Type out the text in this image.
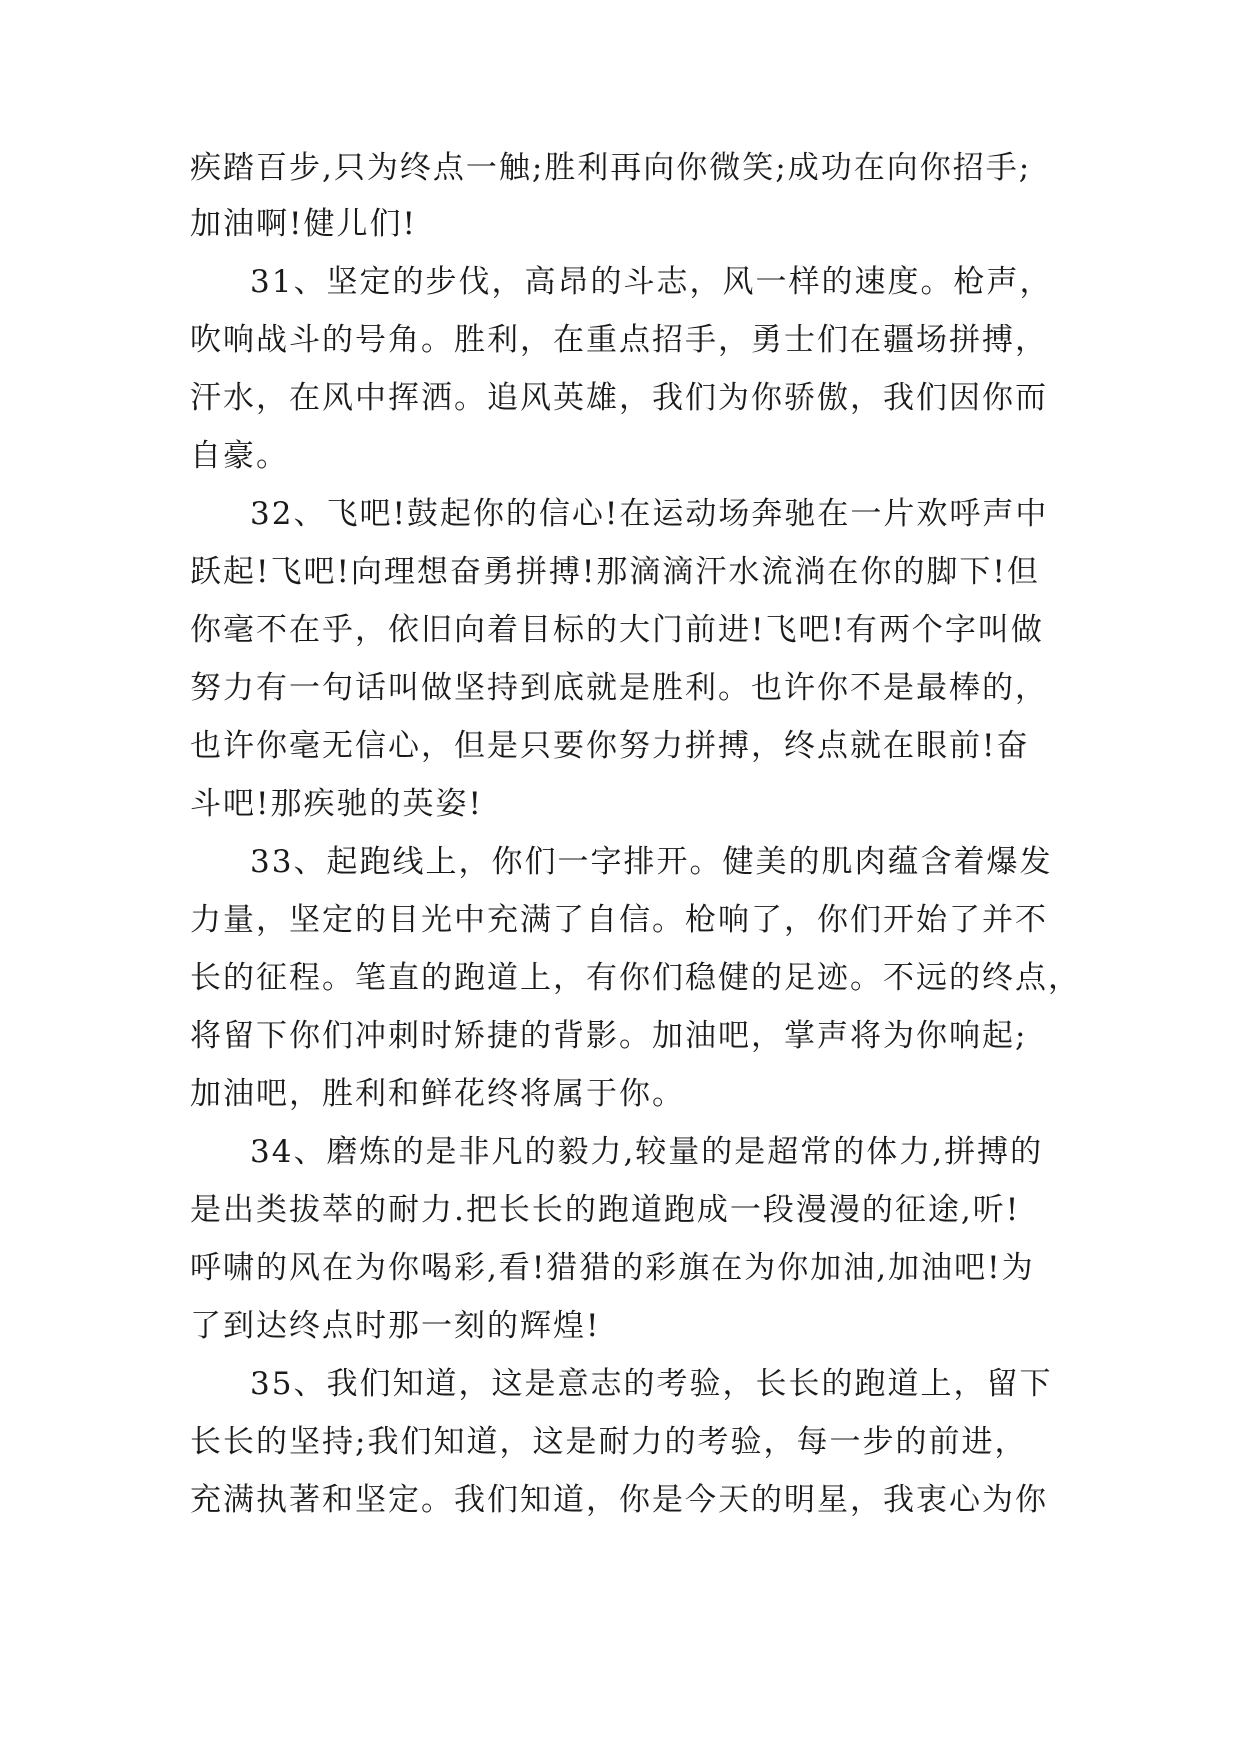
疾踏百步,只为终点一触;胜利再向你微笑;成功在向你招手;
加油啊!健儿们!
31、坚定的步伐，高昂的斗志，风一样的速度。枪声，
吹响战斗的号角。胜利，在重点招手，勇士们在疆场拼搏，
汗水，在风中挥洒。追风英雄，我们为你骄傲，我们因你而
自豪。
32、飞吧!鼓起你的信心!在运动场奔驰在一片欢呼声中
跃起!飞吧!向理想奋勇拼搏!那滴滴汗水流淌在你的脚下!但
你毫不在乎，依旧向着目标的大门前进!飞吧!有两个字叫做
努力有一句话叫做坚持到底就是胜利。也许你不是最棒的，
也许你毫无信心，但是只要你努力拼搏，终点就在眼前!奋
斗吧!那疾驰的英姿!
33、起跑线上，你们一字排开。健美的肌肉蕴含着爆发
力量，坚定的目光中充满了自信。枪响了，你们开始了并不
长的征程。笔直的跑道上，有你们稳健的足迹。不远的终点，
将留下你们冲刺时矫捷的背影。加油吧，掌声将为你响起;
加油吧，胜利和鲜花终将属于你。
34、磨炼的是非凡的毅力,较量的是超常的体力,拼搏的
是出类拔萃的耐力.把长长的跑道跑成一段漫漫的征途,听!
呼啸的风在为你喝彩,看!猎猎的彩旗在为你加油,加油吧!为
了到达终点时那一刻的辉煌!
35、我们知道，这是意志的考验，长长的跑道上，留下
长长的坚持;我们知道，这是耐力的考验，每一步的前进，
充满执著和坚定。我们知道，你是今天的明星，我衷心为你
